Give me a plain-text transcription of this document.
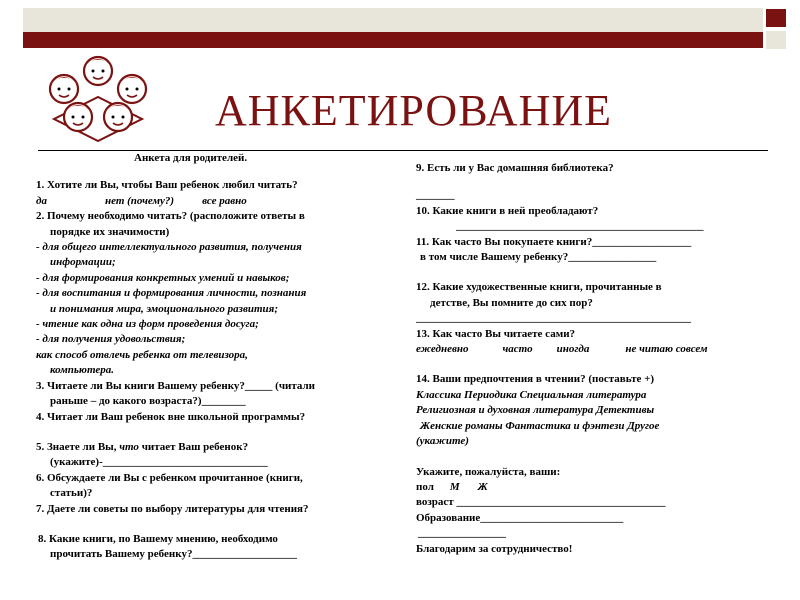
АНКЕТИРОВАНИЕ

Анкета для родителей.

1. Хотите ли Вы, чтобы Ваш ребенок любил читать?

да	нет (почему?)	все равно

2. Почему необходимо читать? (расположите ответы в

порядке их значимости)

- для общего интеллектуального развития, получения

информации;

- для формирования конкретных умений и навыков;

- для воспитания и формирования личности, познания

и понимания мира, эмоционального развития;

- чтение как одна из форм проведения досуга;

- для получения удовольствия;

как способ отвлечь ребенка от телевизора,

компьютера.

3. Читаете ли Вы книги Вашему ребенку?_____ (читали

раньше – до какого возраста?)________

4. Читает ли Ваш ребенок вне школьной программы?

5. Знаете ли Вы, что читает Ваш ребенок?

(укажите)-______________________________

6. Обсуждаете ли Вы с ребенком прочитанное (книги,

статьи)?

7. Даете ли советы по выбору литературы для чтения?

8. Какие книги, по Вашему мнению, необходимо

прочитать Вашему ребенку?___________________

9. Есть ли у Вас домашняя библиотека?

_______

10. Какие книги в ней преобладают?

_____________________________________________

11. Как часто Вы покупаете книги?__________________

в том числе Вашему ребенку?________________

12. Какие художественные книги, прочитанные в

детстве, Вы помните до сих пор?

__________________________________________________

13. Как часто Вы читаете сами?

ежедневно	часто иногда	не читаю совсем

14. Ваши предпочтения в чтении? (поставьте +)

Классика Периодика Специальная литература

Религиозная и духовная литература Детективы

Женские романы Фантастика и фэнтези Другое

(укажите)

Укажите, пожалуйста, ваши:

пол М Ж

возраст ______________________________________

Образование__________________________

________________

Благодарим за сотрудничество!
